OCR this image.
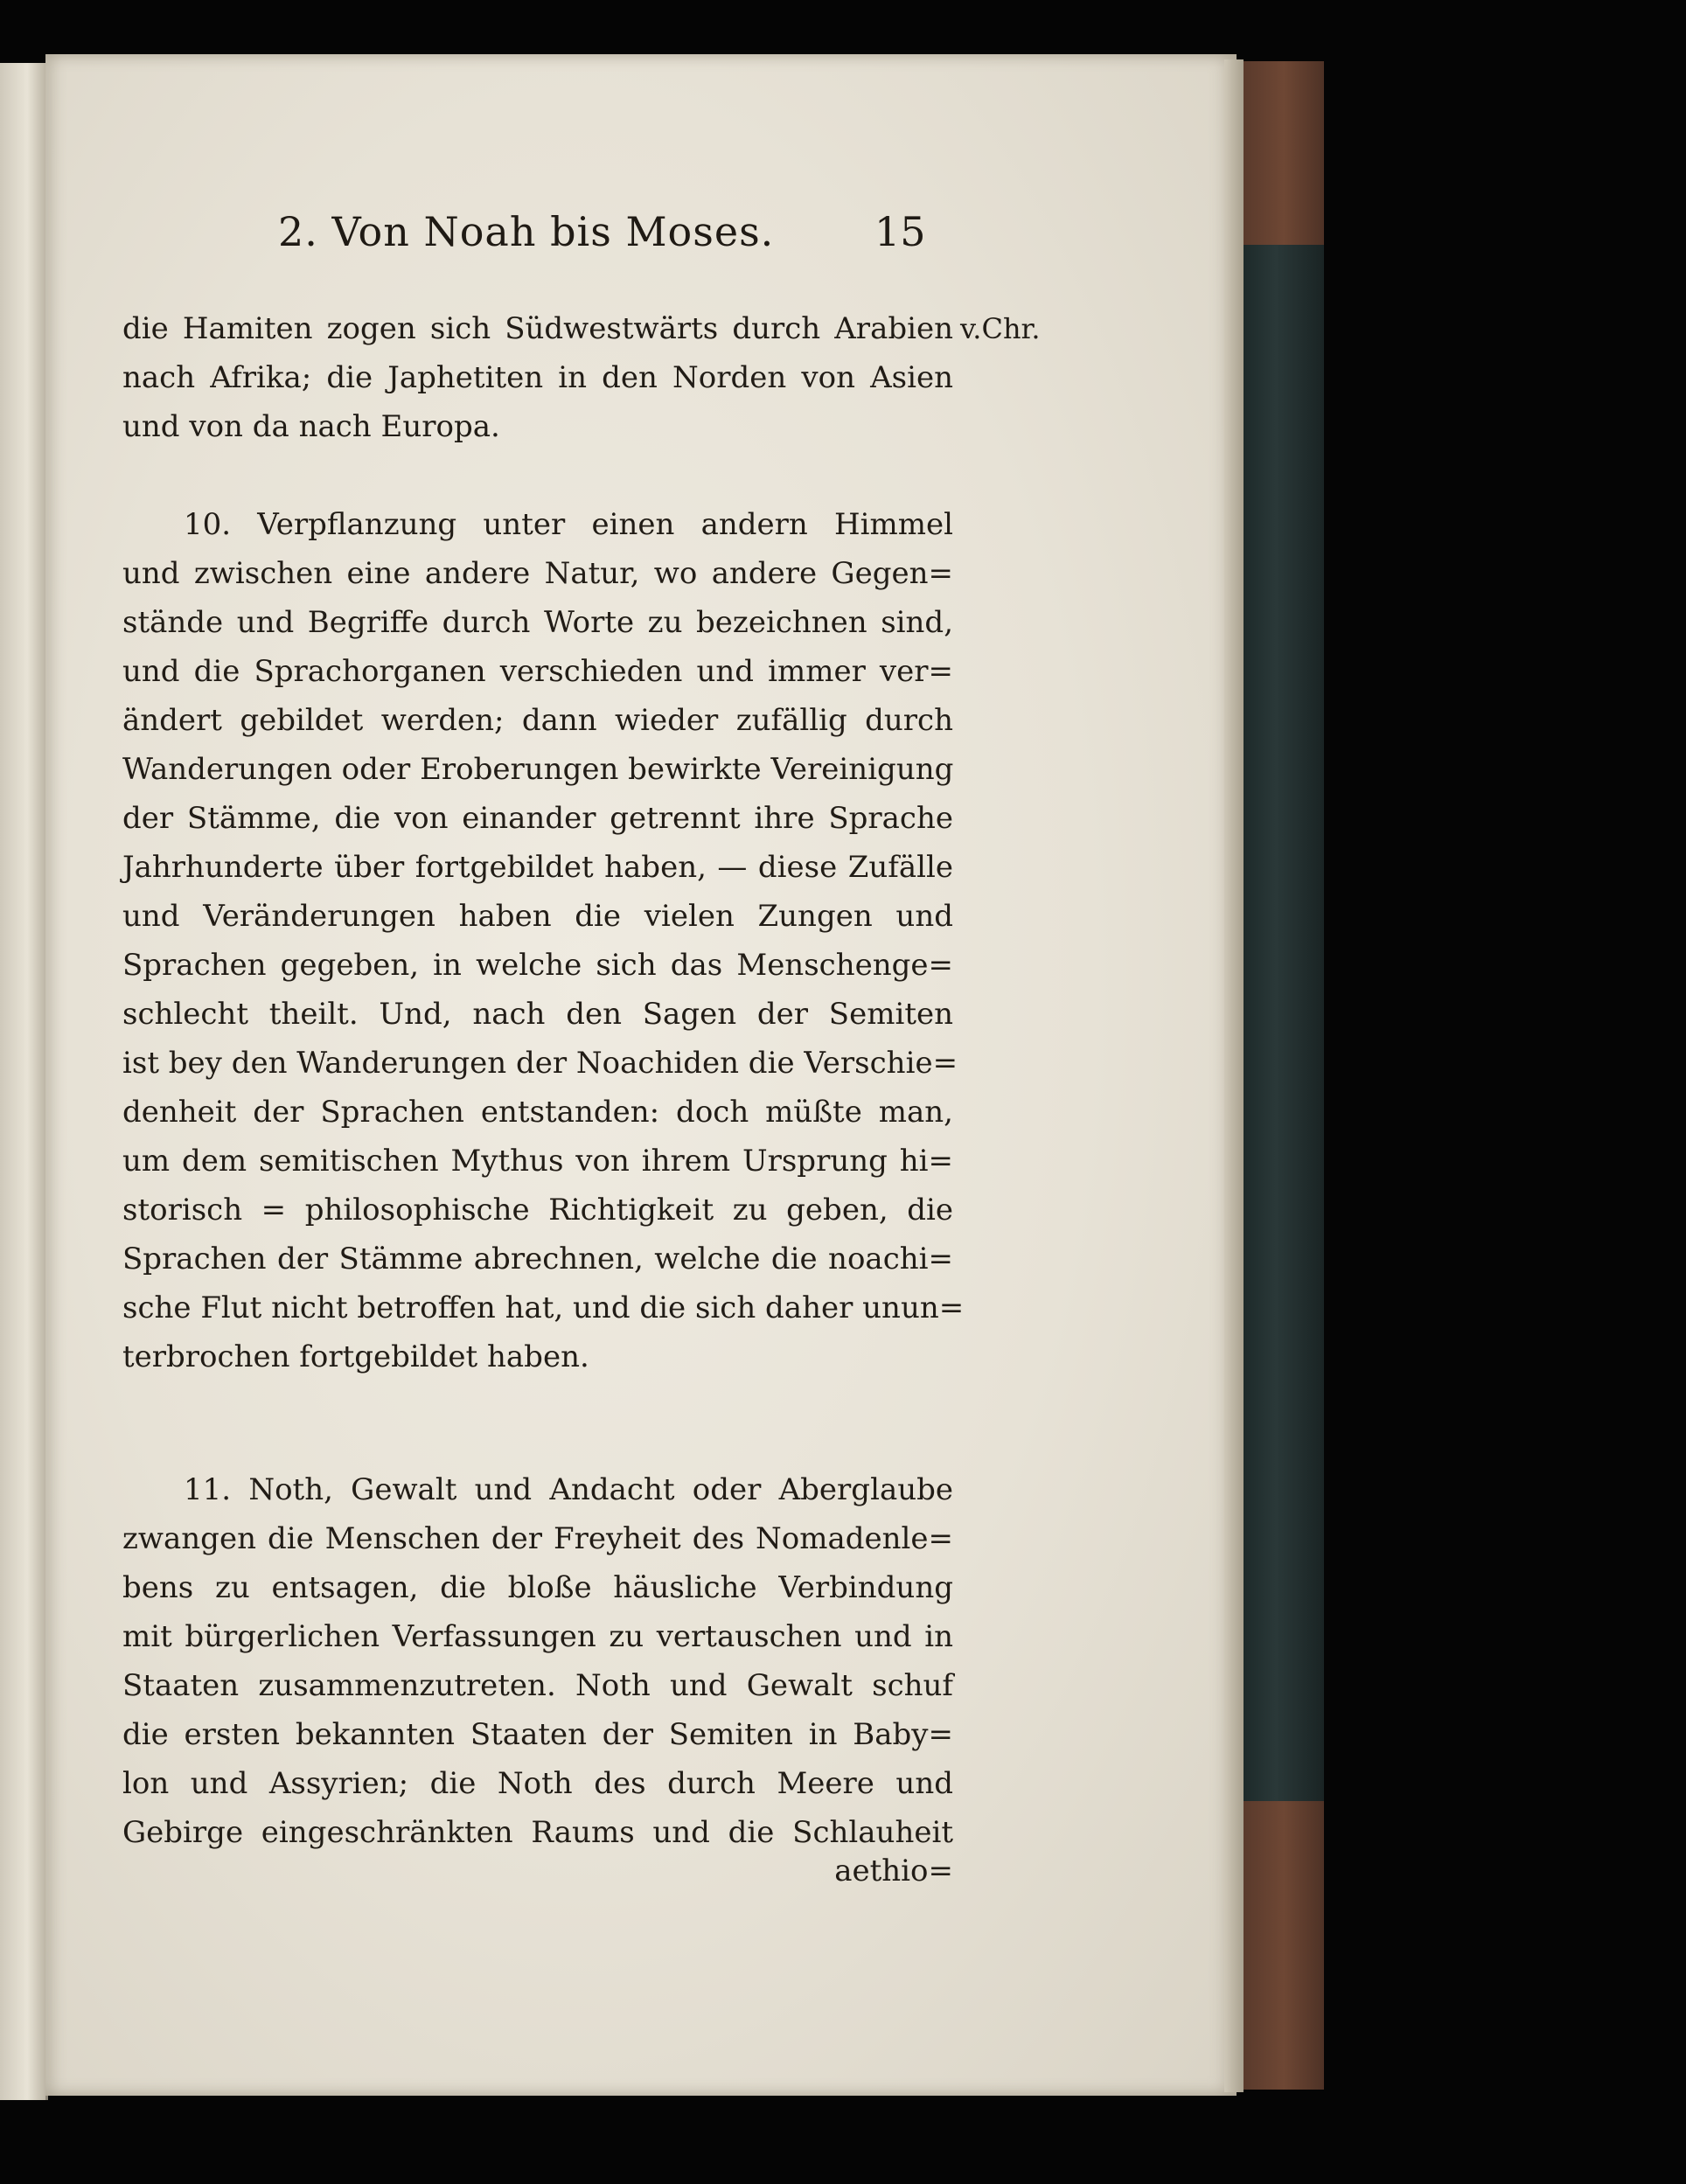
2. Von Noah bis Moses.	15
v.Chr.
die Hamiten zogen sich Südwestwärts durch Arabien
nach Afrika; die Japhetiten in den Norden von Asien
und von da nach Europa.
10. Verpflanzung unter einen andern Himmel
und zwischen eine andere Natur, wo andere Gegen=
stände und Begriffe durch Worte zu bezeichnen sind,
und die Sprachorganen verschieden und immer ver=
ändert gebildet werden; dann wieder zufällig durch
Wanderungen oder Eroberungen bewirkte Vereinigung
der Stämme, die von einander getrennt ihre Sprache
Jahrhunderte über fortgebildet haben, — diese Zufälle
und Veränderungen haben die vielen Zungen und
Sprachen gegeben, in welche sich das Menschenge=
schlecht theilt. Und, nach den Sagen der Semiten
ist bey den Wanderungen der Noachiden die Verschie=
denheit der Sprachen entstanden: doch müßte man,
um dem semitischen Mythus von ihrem Ursprung hi=
storisch = philosophische Richtigkeit zu geben, die
Sprachen der Stämme abrechnen, welche die noachi=
sche Flut nicht betroffen hat, und die sich daher unun=
terbrochen fortgebildet haben.
11. Noth, Gewalt und Andacht oder Aberglaube
zwangen die Menschen der Freyheit des Nomadenle=
bens zu entsagen, die bloße häusliche Verbindung
mit bürgerlichen Verfassungen zu vertauschen und in
Staaten zusammenzutreten. Noth und Gewalt schuf
die ersten bekannten Staaten der Semiten in Baby=
lon und Assyrien; die Noth des durch Meere und
Gebirge eingeschränkten Raums und die Schlauheit
aethio=
